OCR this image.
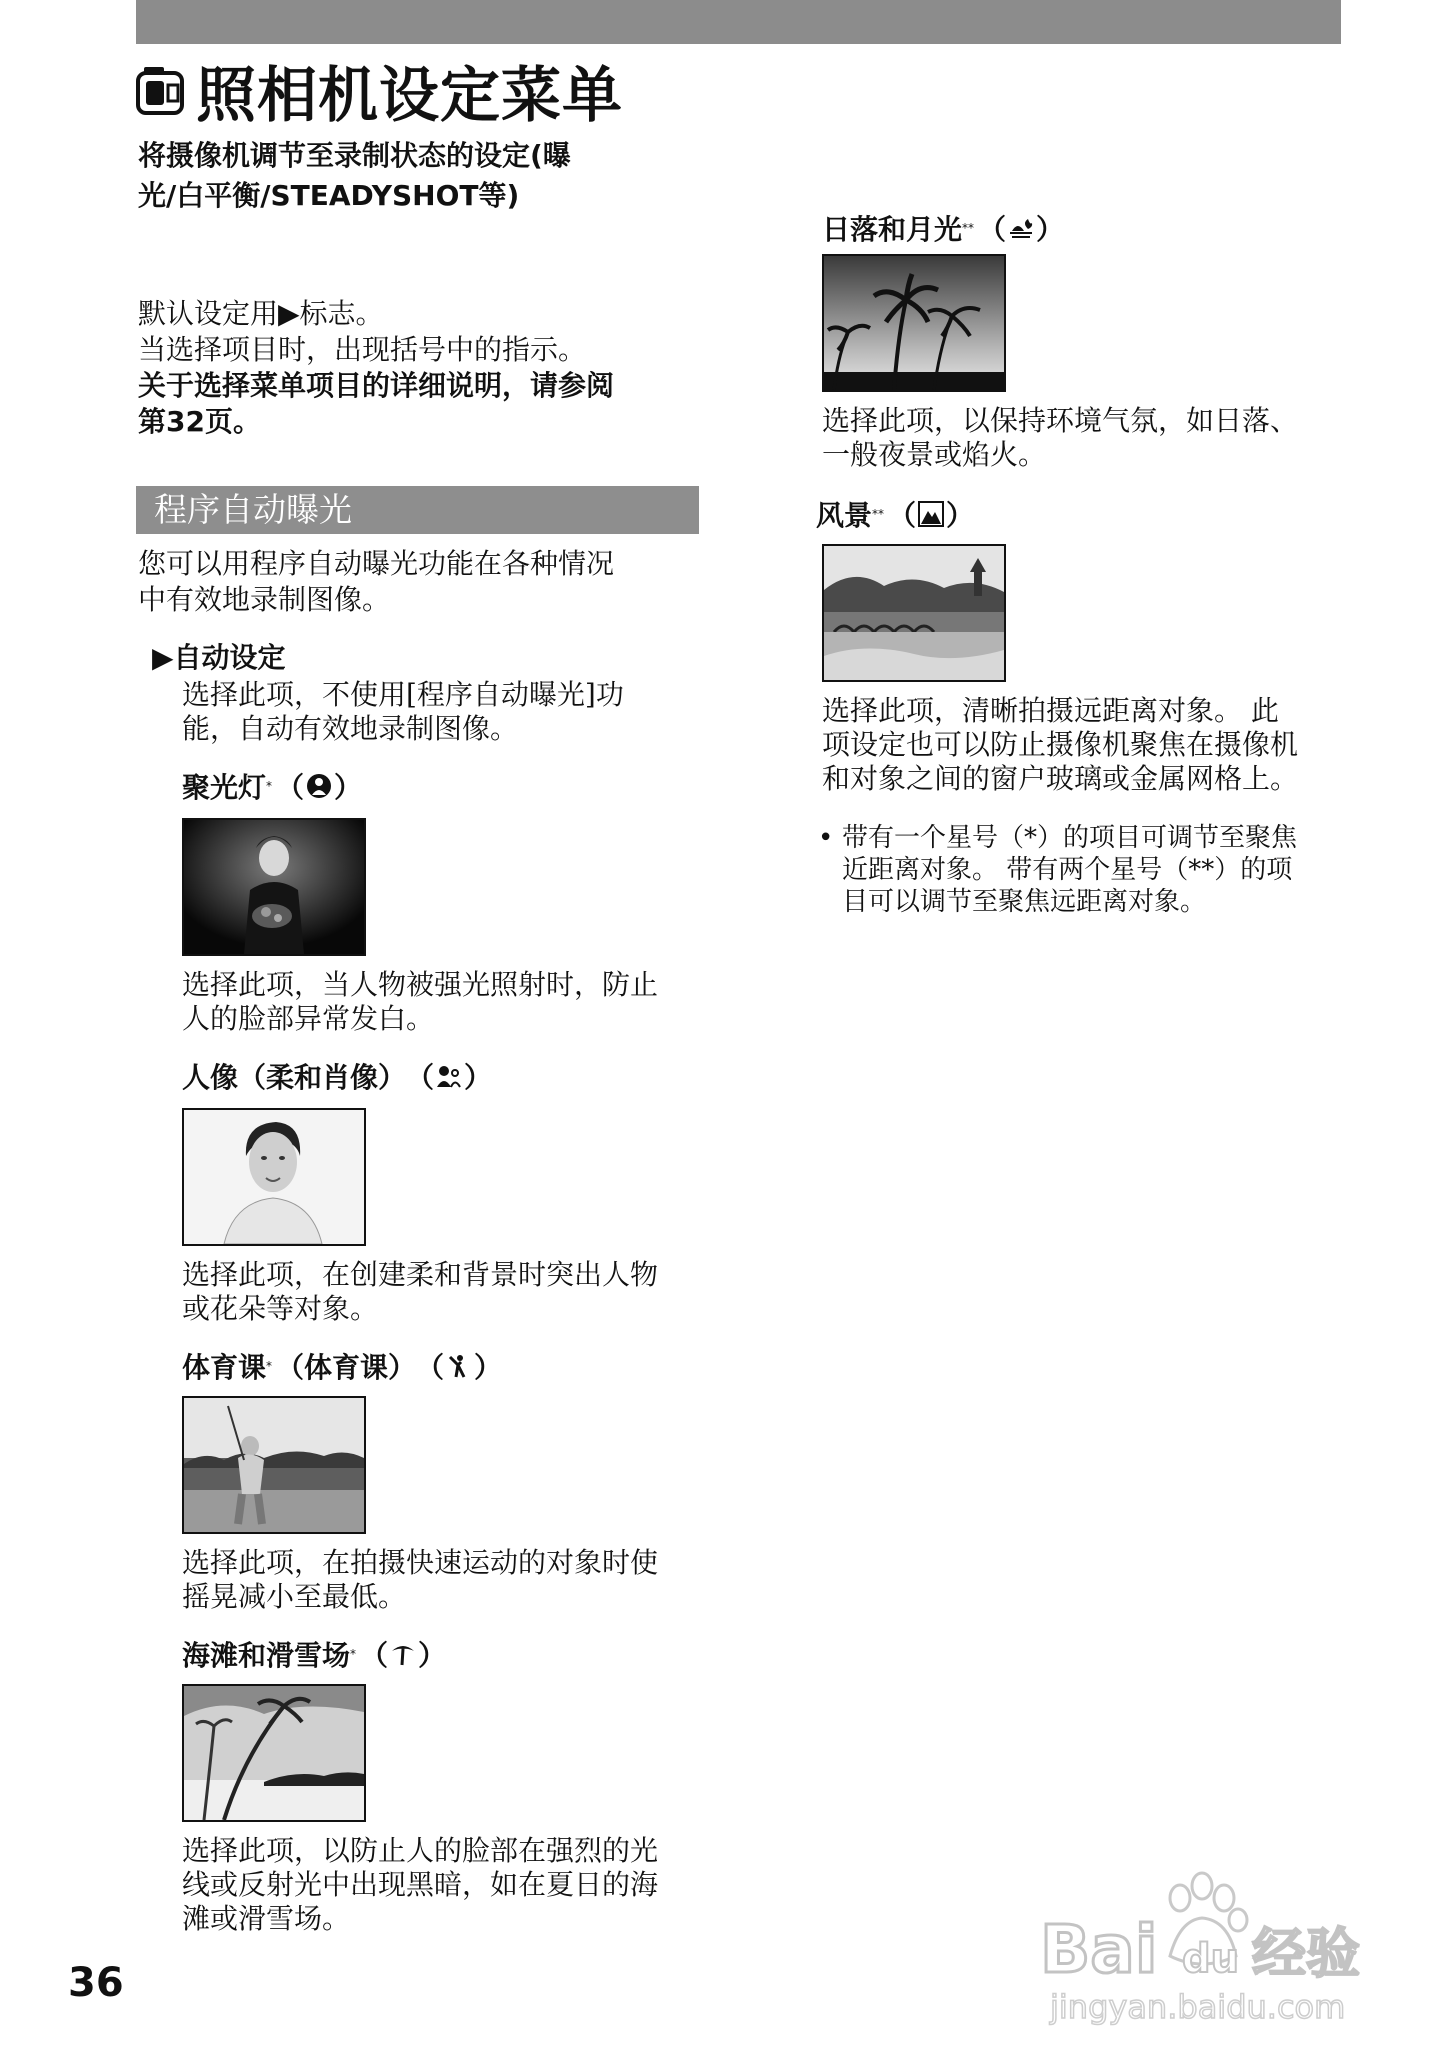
照相机设定菜单
将摄像机调节至录制状态的设定(曝
光/白平衡/STEADYSHOT等)
默认设定用▶标志。
当选择项目时，出现括号中的指示。
关于选择菜单项目的详细说明，请参阅
第32页。
程序自动曝光
您可以用程序自动曝光功能在各种情况
中有效地录制图像。
▶自动设定
选择此项，不使用[程序自动曝光]功
能，自动有效地录制图像。
聚光灯 * （ ）
选择此项，当人物被强光照射时，防止
人的脸部异常发白。
人像（柔和肖像） （ ）
选择此项，在创建柔和背景时突出人物
或花朵等对象。
体育课 * （体育课） （ ）
选择此项，在拍摄快速运动的对象时使
摇晃减小至最低。
海滩和滑雪场 * （ ）
选择此项，以防止人的脸部在强烈的光
线或反射光中出现黑暗，如在夏日的海
滩或滑雪场。
日落和月光 ** （ ）
选择此项，以保持环境气氛，如日落、
一般夜景或焰火。
风景 ** （ ）
选择此项，清晰拍摄远距离对象。 此
项设定也可以防止摄像机聚焦在摄像机
和对象之间的窗户玻璃或金属网格上。
• 带有一个星号（*）的项目可调节至聚焦
近距离对象。 带有两个星号（**）的项
目可以调节至聚焦远距离对象。
36	Bai du 经验
jingyan.baidu.com
